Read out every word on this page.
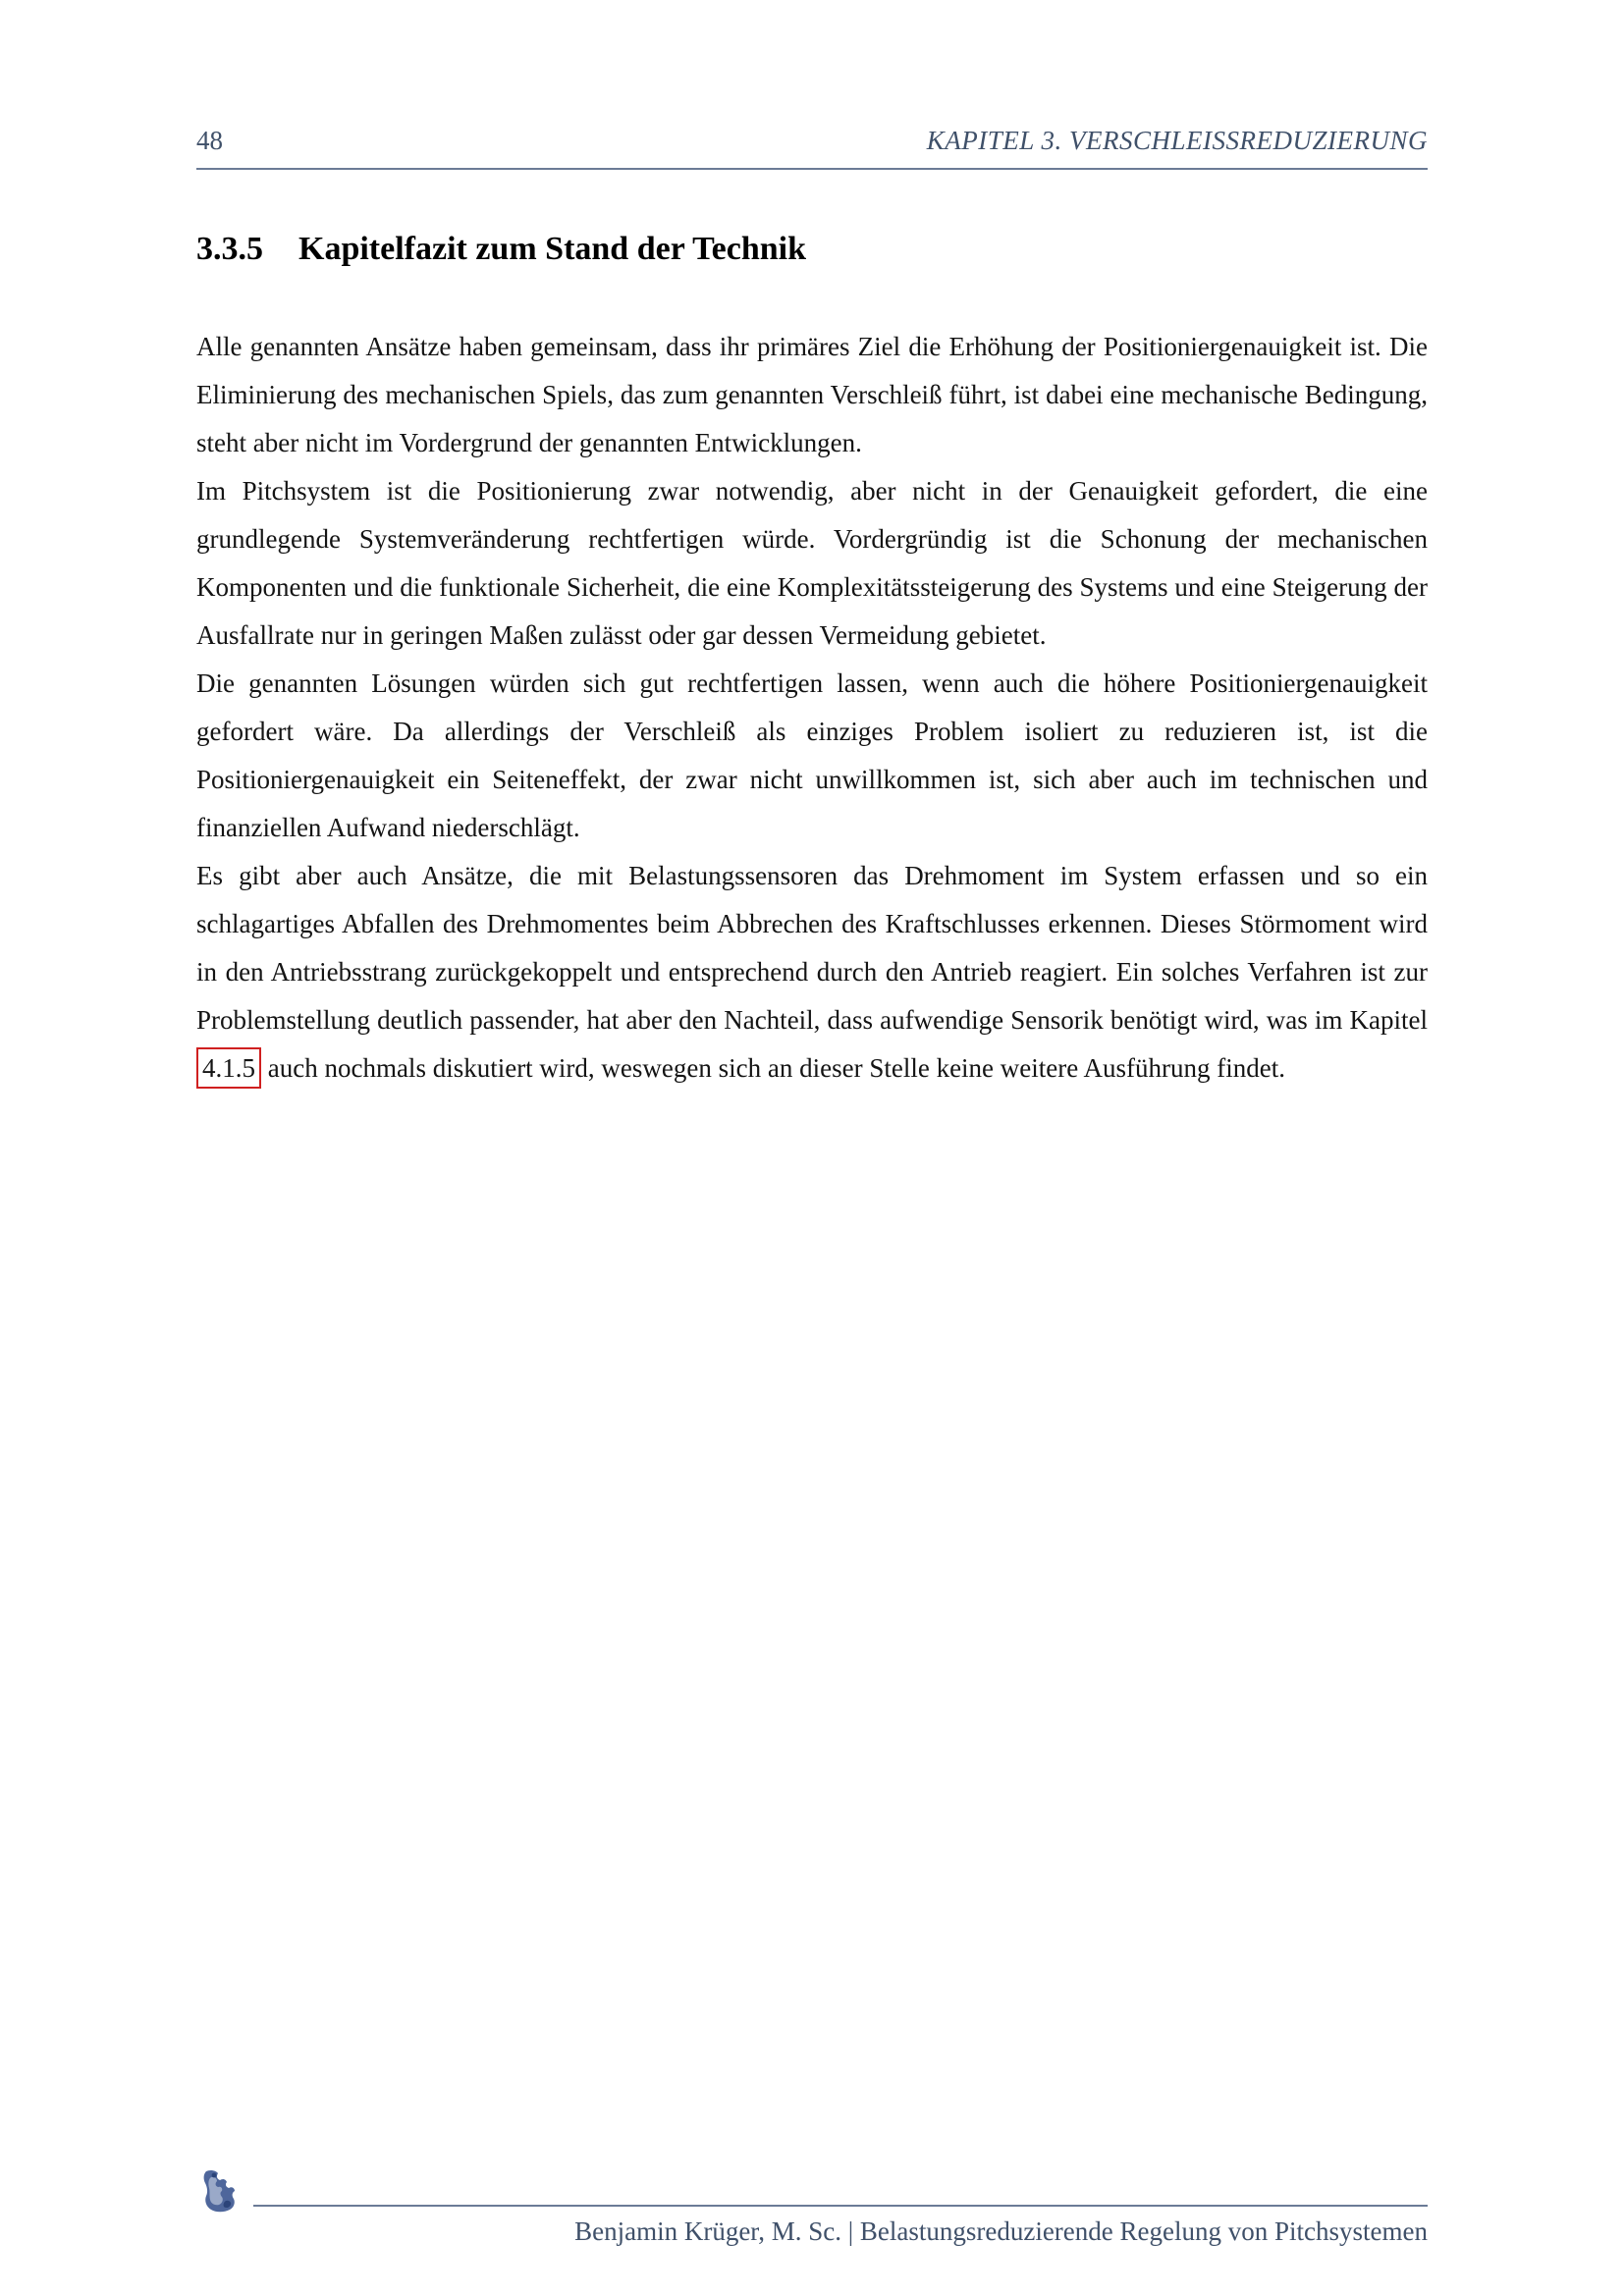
48	KAPITEL 3. VERSCHLEISSREDUZIERUNG
3.3.5 Kapitelfazit zum Stand der Technik

Alle genannten Ansätze haben gemeinsam, dass ihr primäres Ziel die Erhöhung der Positioniergenauigkeit ist. Die Eliminierung des mechanischen Spiels, das zum genannten Verschleiß führt, ist dabei eine mechanische Bedingung, steht aber nicht im Vordergrund der genannten Entwicklungen.

Im Pitchsystem ist die Positionierung zwar notwendig, aber nicht in der Genauigkeit gefordert, die eine grundlegende Systemveränderung rechtfertigen würde. Vordergründig ist die Schonung der mechanischen Komponenten und die funktionale Sicherheit, die eine Komplexitätssteigerung des Systems und eine Steigerung der Ausfallrate nur in geringen Maßen zulässt oder gar dessen Vermeidung gebietet.

Die genannten Lösungen würden sich gut rechtfertigen lassen, wenn auch die höhere Positioniergenauigkeit gefordert wäre. Da allerdings der Verschleiß als einziges Problem isoliert zu reduzieren ist, ist die Positioniergenauigkeit ein Seiteneffekt, der zwar nicht unwillkommen ist, sich aber auch im technischen und finanziellen Aufwand niederschlägt.

Es gibt aber auch Ansätze, die mit Belastungssensoren das Drehmoment im System erfassen und so ein schlagartiges Abfallen des Drehmomentes beim Abbrechen des Kraftschlusses erkennen. Dieses Störmoment wird in den Antriebsstrang zurückgekoppelt und entsprechend durch den Antrieb reagiert. Ein solches Verfahren ist zur Problemstellung deutlich passender, hat aber den Nachteil, dass aufwendige Sensorik benötigt wird, was im Kapitel 4.1.5 auch nochmals diskutiert wird, weswegen sich an dieser Stelle keine weitere Ausführung findet.

Benjamin Krüger, M. Sc. | Belastungsreduzierende Regelung von Pitchsystemen
